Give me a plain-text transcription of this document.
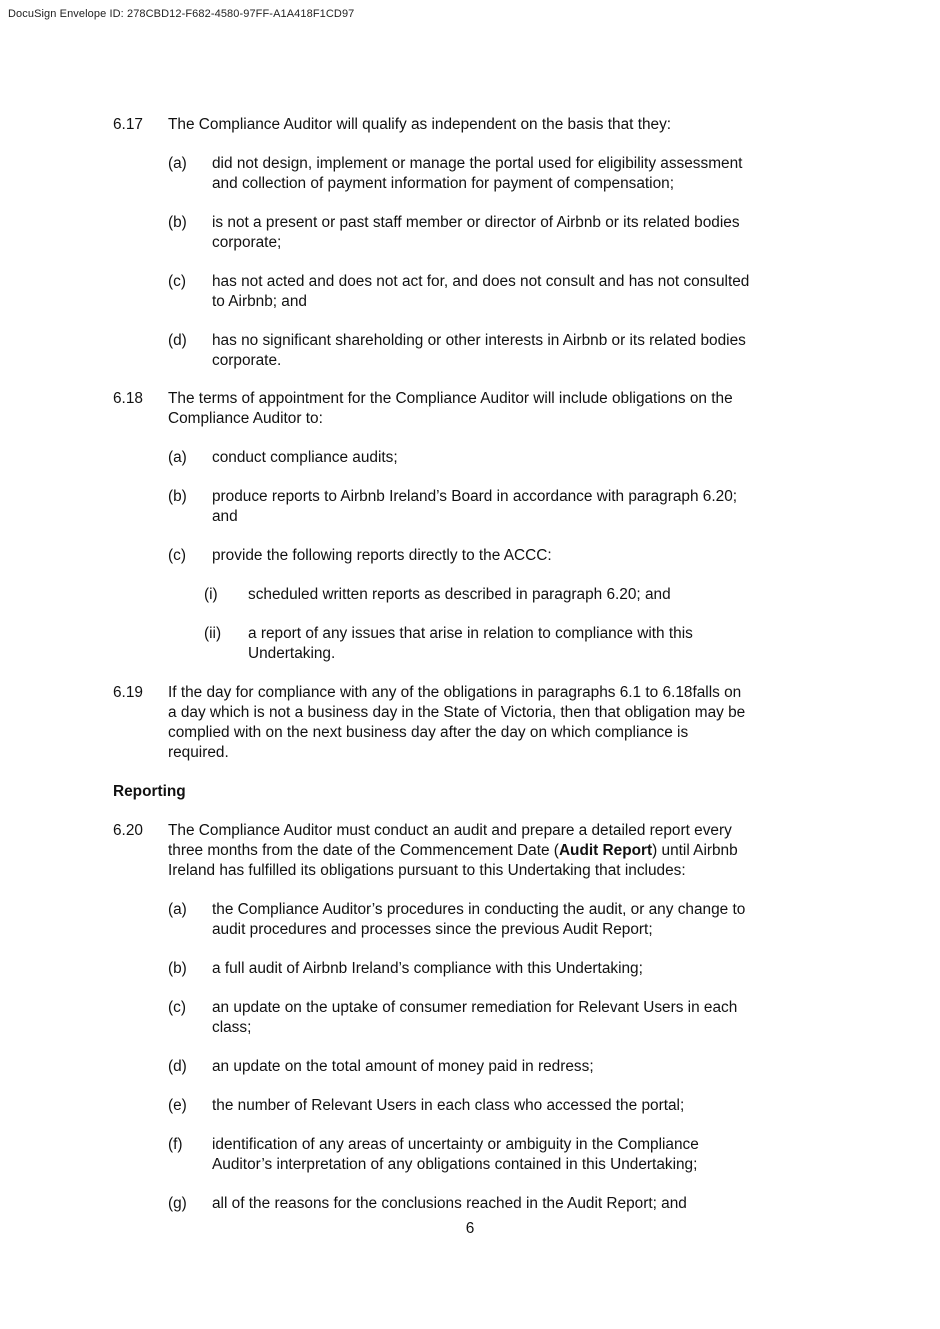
DocuSign Envelope ID: 278CBD12-F682-4580-97FF-A1A418F1CD97
6.17 The Compliance Auditor will qualify as independent on the basis that they:
(a) did not design, implement or manage the portal used for eligibility assessment
and collection of payment information for payment of compensation;
(b) is not a present or past staff member or director of Airbnb or its related bodies
corporate;
(c) has not acted and does not act for, and does not consult and has not consulted
to Airbnb; and
(d) has no significant shareholding or other interests in Airbnb or its related bodies
corporate.
6.18 The terms of appointment for the Compliance Auditor will include obligations on the
Compliance Auditor to:
(a) conduct compliance audits;
(b) produce reports to Airbnb Ireland’s Board in accordance with paragraph 6.20;
and
(c) provide the following reports directly to the ACCC:
(i) scheduled written reports as described in paragraph 6.20; and
(ii) a report of any issues that arise in relation to compliance with this
Undertaking.
6.19 If the day for compliance with any of the obligations in paragraphs 6.1 to 6.18falls on
a day which is not a business day in the State of Victoria, then that obligation may be
complied with on the next business day after the day on which compliance is
required.
Reporting
6.20 The Compliance Auditor must conduct an audit and prepare a detailed report every
three months from the date of the Commencement Date (Audit Report) until Airbnb
Ireland has fulfilled its obligations pursuant to this Undertaking that includes:
(a) the Compliance Auditor’s procedures in conducting the audit, or any change to
audit procedures and processes since the previous Audit Report;
(b) a full audit of Airbnb Ireland’s compliance with this Undertaking;
(c) an update on the uptake of consumer remediation for Relevant Users in each
class;
(d) an update on the total amount of money paid in redress;
(e) the number of Relevant Users in each class who accessed the portal;
(f) identification of any areas of uncertainty or ambiguity in the Compliance
Auditor’s interpretation of any obligations contained in this Undertaking;
(g) all of the reasons for the conclusions reached in the Audit Report; and
6
